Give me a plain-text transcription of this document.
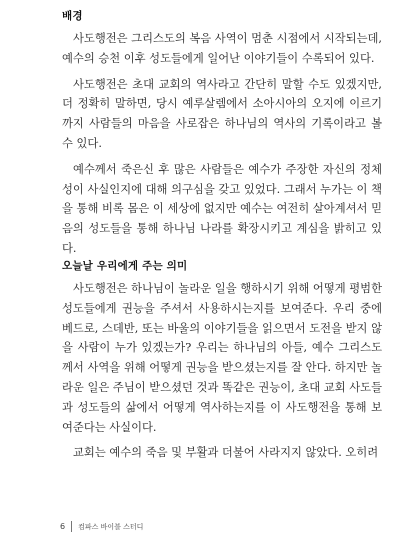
배경

사도행전은 그리스도의 복음 사역이 멈춘 시점에서 시작되는데, 예수의 승천 이후 성도들에게 일어난 이야기들이 수록되어 있다.

사도행전은 초대 교회의 역사라고 간단히 말할 수도 있겠지만, 더 정확히 말하면, 당시 예루살렘에서 소아시아의 오지에 이르기까지 사람들의 마음을 사로잡은 하나님의 역사의 기록이라고 볼 수 있다.

예수께서 죽은신 후 많은 사람들은 예수가 주장한 자신의 정체성이 사실인지에 대해 의구심을 갖고 있었다. 그래서 누가는 이 책을 통해 비록 몸은 이 세상에 없지만 예수는 여전히 살아계셔서 믿음의 성도들을 통해 하나님 나라를 확장시키고 계심을 밝히고 있다.

오늘날 우리에게 주는 의미

사도행전은 하나님이 놀라운 일을 행하시기 위해 어떻게 평범한 성도들에게 권능을 주셔서 사용하시는지를 보여준다. 우리 중에 베드로, 스데반, 또는 바울의 이야기들을 읽으면서 도전을 받지 않을 사람이 누가 있겠는가? 우리는 하나님의 아들, 예수 그리스도께서 사역을 위해 어떻게 권능을 받으셨는지를 잘 안다. 하지만 놀라운 일은 주님이 받으셨던 것과 똑같은 권능이, 초대 교회 사도들과 성도들의 삶에서 어떻게 역사하는지를 이 사도행전을 통해 보여준다는 사실이다.

교회는 예수의 죽음 및 부활과 더불어 사라지지 않았다. 오히려

6 컴파스 바이블 스터디
